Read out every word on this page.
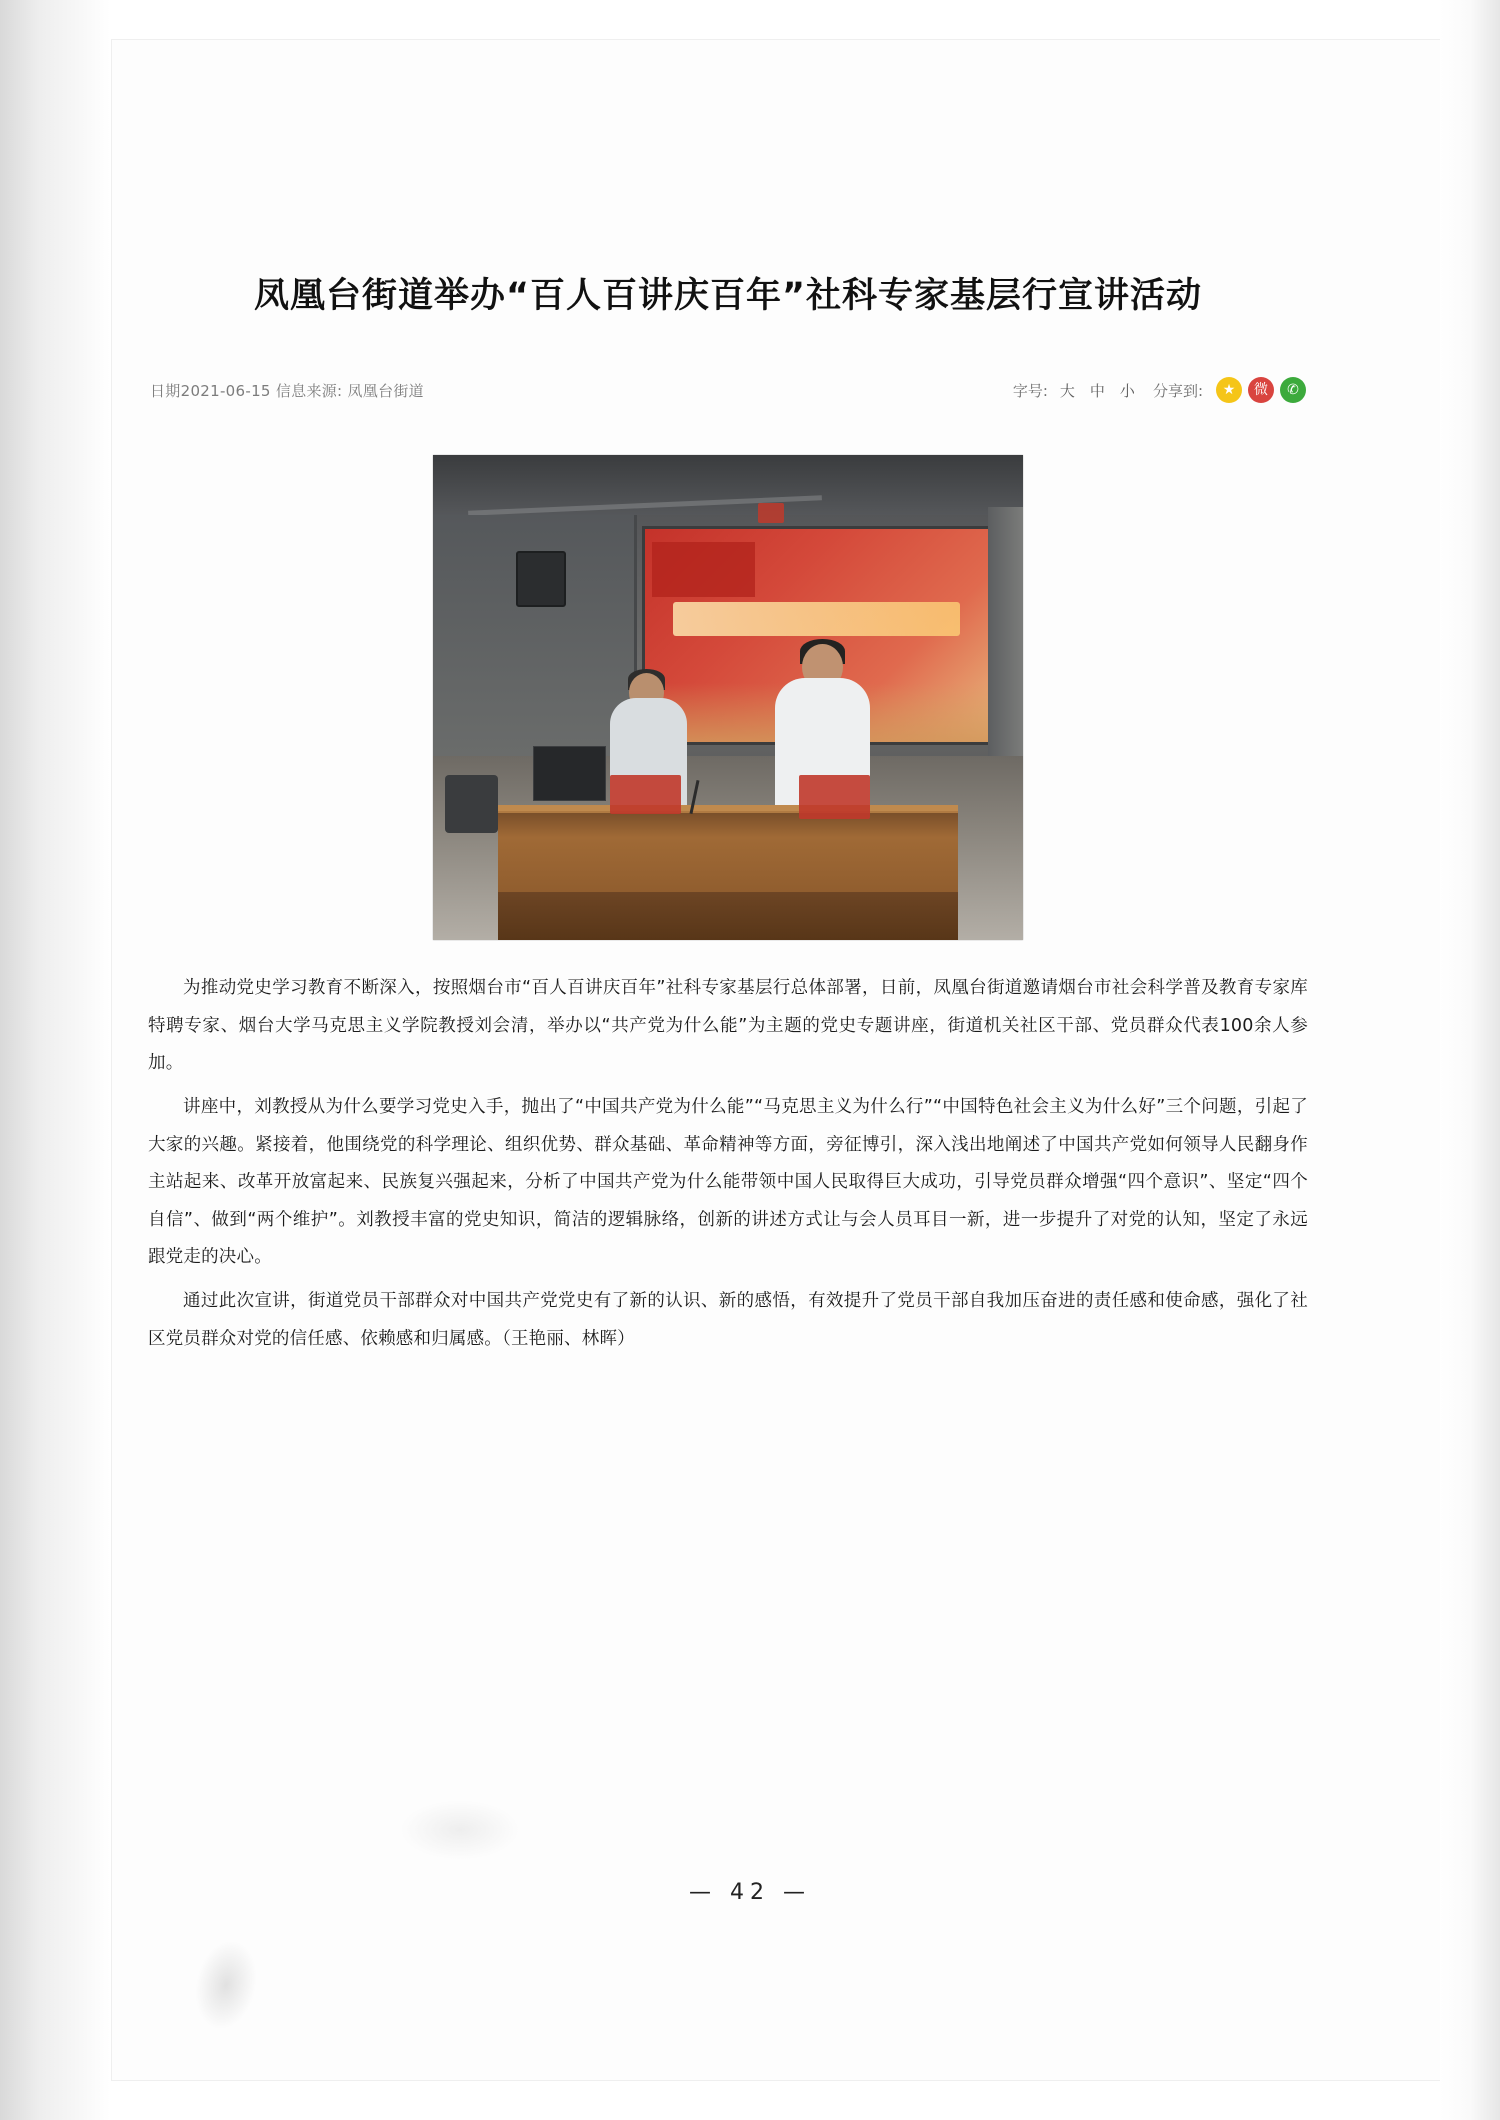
凤凰台街道举办“百人百讲庆百年”社科专家基层行宣讲活动
日期2021-06-15 信息来源: 凤凰台街道	字号: 大 中 小 分享到:	★	微	✆

为推动党史学习教育不断深入，按照烟台市“百人百讲庆百年”社科专家基层行总体部署，日前，凤凰台街道邀请烟台市社会科学普及教育专家库特聘专家、烟台大学马克思主义学院教授刘会清，举办以“共产党为什么能”为主题的党史专题讲座，街道机关社区干部、党员群众代表100余人参加。

讲座中，刘教授从为什么要学习党史入手，抛出了“中国共产党为什么能”“马克思主义为什么行”“中国特色社会主义为什么好”三个问题，引起了大家的兴趣。紧接着，他围绕党的科学理论、组织优势、群众基础、革命精神等方面，旁征博引，深入浅出地阐述了中国共产党如何领导人民翻身作主站起来、改革开放富起来、民族复兴强起来，分析了中国共产党为什么能带领中国人民取得巨大成功，引导党员群众增强“四个意识”、坚定“四个自信”、做到“两个维护”。刘教授丰富的党史知识，简洁的逻辑脉络，创新的讲述方式让与会人员耳目一新，进一步提升了对党的认知，坚定了永远跟党走的决心。

通过此次宣讲，街道党员干部群众对中国共产党党史有了新的认识、新的感悟，有效提升了党员干部自我加压奋进的责任感和使命感，强化了社区党员群众对党的信任感、依赖感和归属感。（王艳丽、林晖）

— 42 —
